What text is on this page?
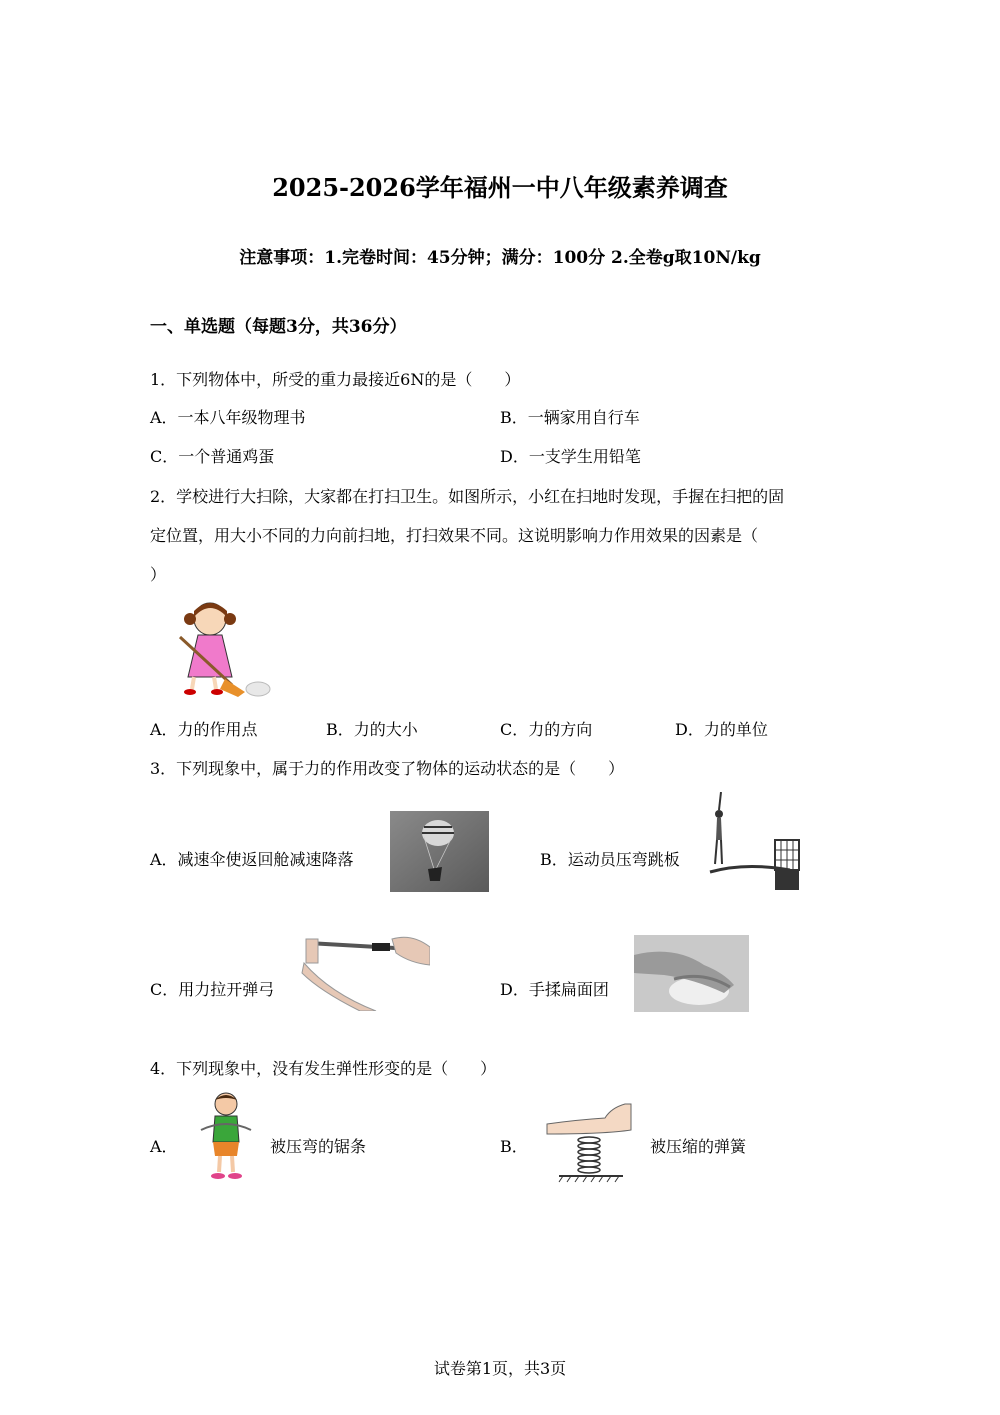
2025-2026学年福州一中八年级素养调查
注意事项：1.完卷时间：45分钟；满分：100分 2.全卷g取10N/kg
一、单选题（每题3分，共36分）
1．下列物体中，所受的重力最接近6N的是（　　）
A．一本八年级物理书	B．一辆家用自行车
C．一个普通鸡蛋	D．一支学生用铅笔
2．学校进行大扫除，大家都在打扫卫生。如图所示，小红在扫地时发现，手握在扫把的固
定位置，用大小不同的力向前扫地，打扫效果不同。这说明影响力作用效果的因素是（
）
A．力的作用点	B．力的大小	C．力的方向	D．力的单位
3．下列现象中，属于力的作用改变了物体的运动状态的是（　　）
A．减速伞使返回舱减速降落	B．运动员压弯跳板
C．用力拉开弹弓	D．手揉扁面团
4．下列现象中，没有发生弹性形变的是（　　）
A．	被压弯的锯条	B．	被压缩的弹簧
试卷第1页，共3页
